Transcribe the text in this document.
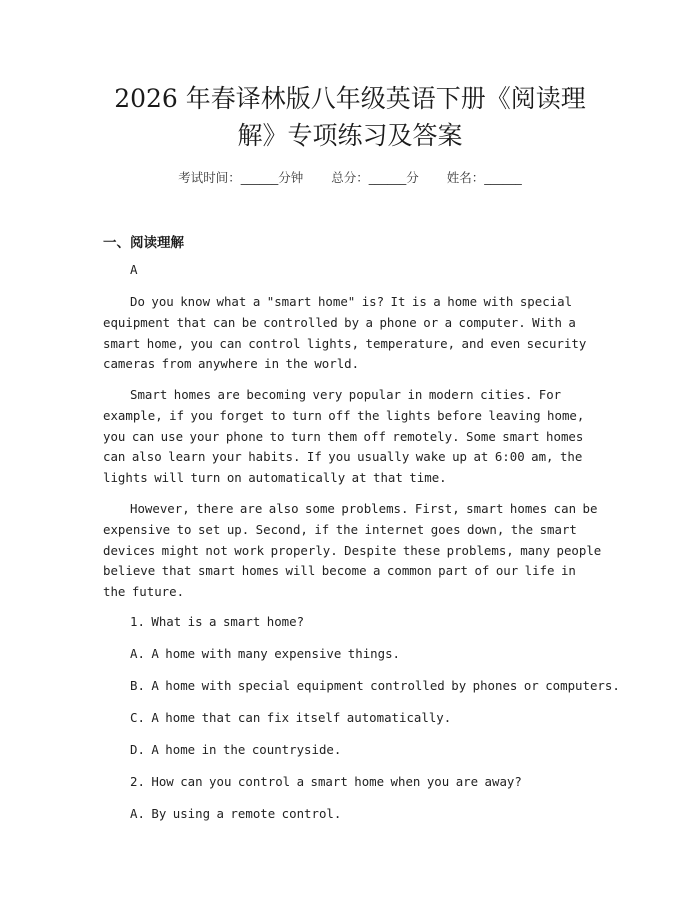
2026 年春译林版八年级英语下册《阅读理
解》专项练习及答案
考试时间：______分钟 总分：______分 姓名：______
一、阅读理解
A

Do you know what a "smart home" is? It is a home with special equipment that can be controlled by a phone or a computer. With a smart home, you can control lights, temperature, and even security cameras from anywhere in the world.

Smart homes are becoming very popular in modern cities. For example, if you forget to turn off the lights before leaving home, you can use your phone to turn them off remotely. Some smart homes can also learn your habits. If you usually wake up at 6:00 am, the lights will turn on automatically at that time.

However, there are also some problems. First, smart homes can be expensive to set up. Second, if the internet goes down, the smart devices might not work properly. Despite these problems, many people believe that smart homes will become a common part of our life in the future.

1. What is a smart home?
A. A home with many expensive things.
B. A home with special equipment controlled by phones or computers.
C. A home that can fix itself automatically.
D. A home in the countryside.
2. How can you control a smart home when you are away?
A. By using a remote control.
